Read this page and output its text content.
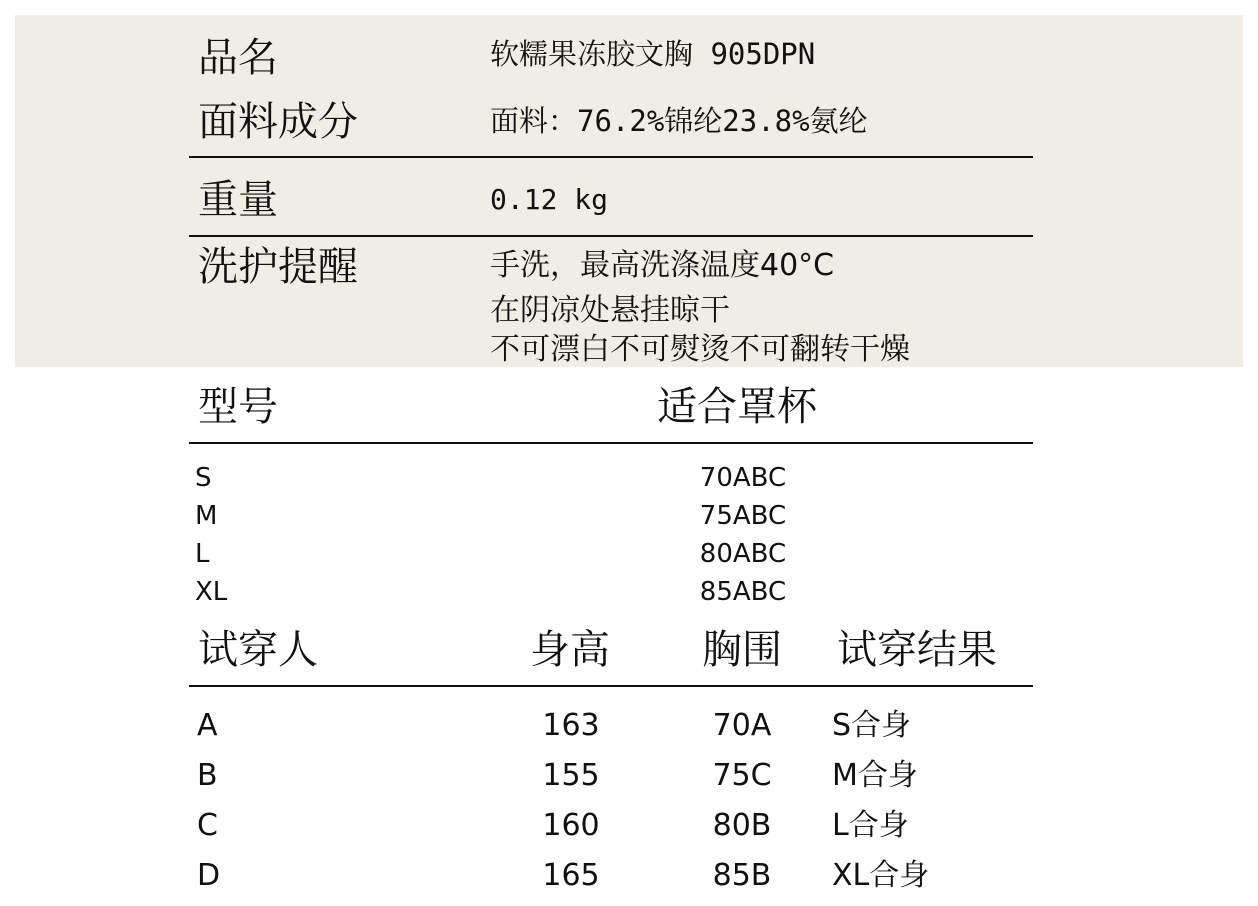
品名	软糯果冻胶文胸 905DPN
面料成分	面料：76.2%锦纶23.8%氨纶
重量	0.12 kg
洗护提醒	手洗，最高洗涤温度40°C
在阴凉处悬挂晾干
不可漂白不可熨烫不可翻转干燥
型号	适合罩杯
S	70ABC
M	75ABC
L	80ABC
XL	85ABC
试穿人	身高 胸围 试穿结果
A	163	70A S合身
B	155	75C M合身
C	160	80B L合身
D	165	85B XL合身
